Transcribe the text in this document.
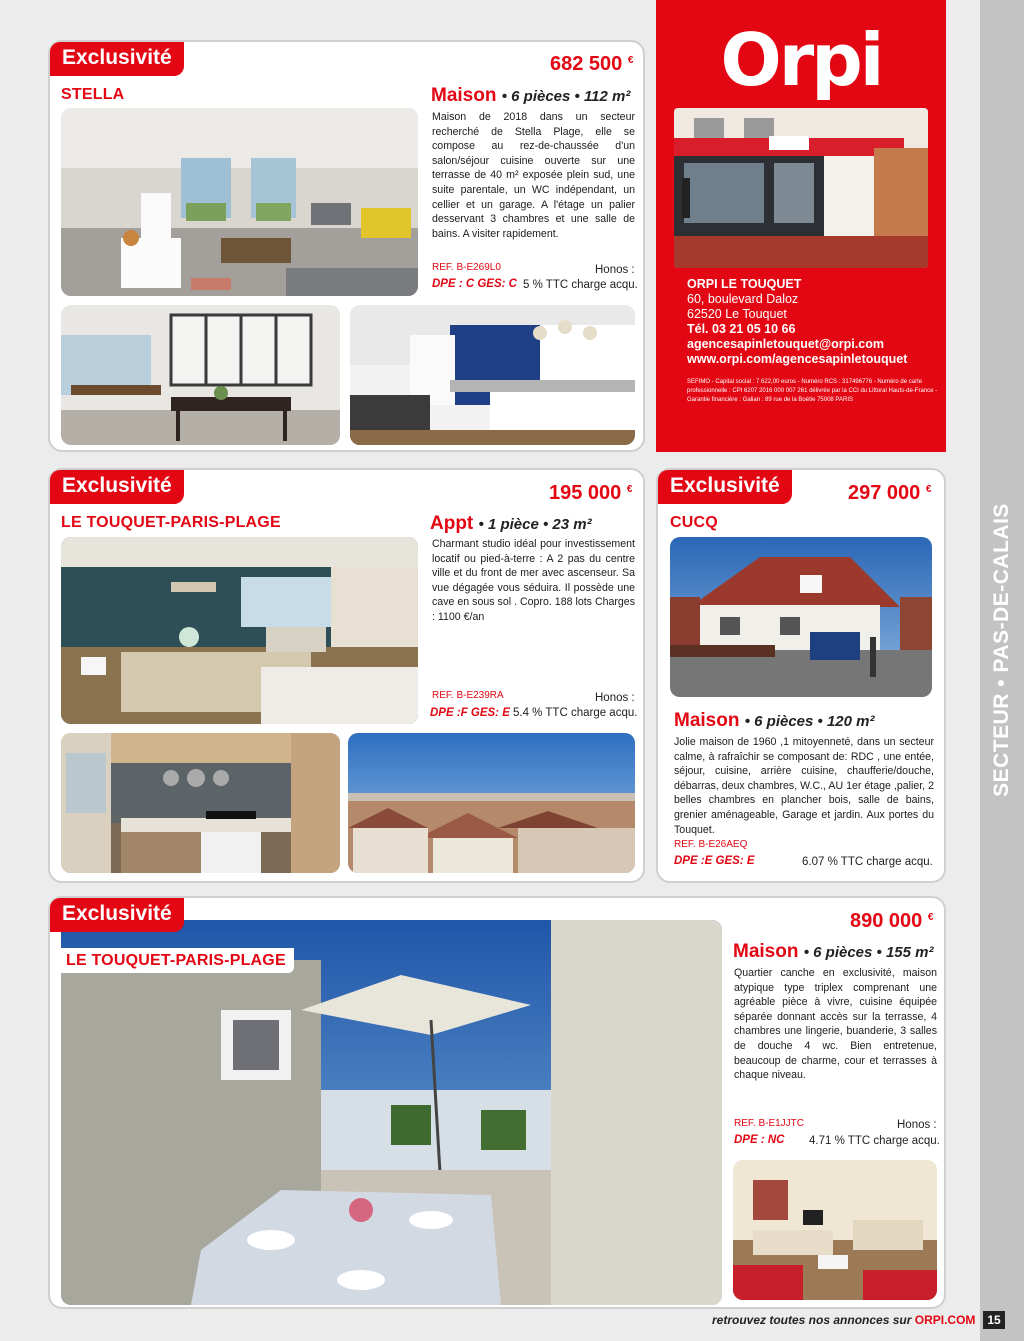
Exclusivité
STELLA
682 500 €
Maison • 6 pièces • 112 m²
Maison de 2018 dans un secteur recherché de Stella Plage, elle se compose au rez-de-chaussée d'un salon/séjour cuisine ouverte sur une terrasse de 40 m² exposée plein sud, une suite parentale, un WC indépendant, un cellier et un garage. A l'étage un palier desservant 3 chambres et une salle de bains. A visiter rapidement.
REF. B-E269L0	Honos :
DPE : C GES: C 5 % TTC charge acqu.
Orpi
ORPI LE TOUQUET
60, boulevard Daloz
62520 Le Touquet
Tél. 03 21 05 10 66
agencesapinletouquet@orpi.com
www.orpi.com/agencesapinletouquet
SEFIMO - Capital social : 7 622,00 euros - Numéro RCS : 317496776 - Numéro de carte professionnelle : CPI 6207 2016 000 007 261 délivrée par la CCI du Littoral Hauts-de-France - Garantie financière : Galian : 89 rue de la Boétie 75008 PARIS
Exclusivité
LE TOUQUET-PARIS-PLAGE
195 000 €
Appt • 1 pièce • 23 m²
Charmant studio idéal pour investissement locatif ou pied-à-terre : A 2 pas du centre ville et du front de mer avec ascenseur. Sa vue dégagée vous séduira. Il possède une cave en sous sol . Copro. 188 lots Charges : 1100 €/an
REF. B-E239RA	Honos :
DPE :F GES: E 5.4 % TTC charge acqu.
Exclusivité
CUCQ
297 000 €
Maison • 6 pièces • 120 m²
Jolie maison de 1960 ,1 mitoyenneté, dans un secteur calme, à rafraîchir se composant de: RDC , une entée, séjour, cuisine, arrière cuisine, chaufferie/douche, débarras, deux chambres, W.C., AU 1er étage ,palier, 2 belles chambres en plancher bois, salle de bains, grenier aménageable, Garage et jardin. Aux portes du Touquet.
REF. B-E26AEQ
DPE :E GES: E	6.07 % TTC charge acqu.
Exclusivité
LE TOUQUET-PARIS-PLAGE
890 000 €
Maison • 6 pièces • 155 m²
Quartier canche en exclusivité, maison atypique type triplex comprenant une agréable pièce à vivre, cuisine équipée séparée donnant accès sur la terrasse, 4 chambres une lingerie, buanderie, 3 salles de douche 4 wc. Bien entretenue, beaucoup de charme, cour et terrasses à chaque niveau.
REF. B-E1JJTC	Honos :
DPE : NC 4.71 % TTC charge acqu.
SECTEUR • PAS-DE-CALAIS
retrouvez toutes nos annonces sur ORPI.COM 15
